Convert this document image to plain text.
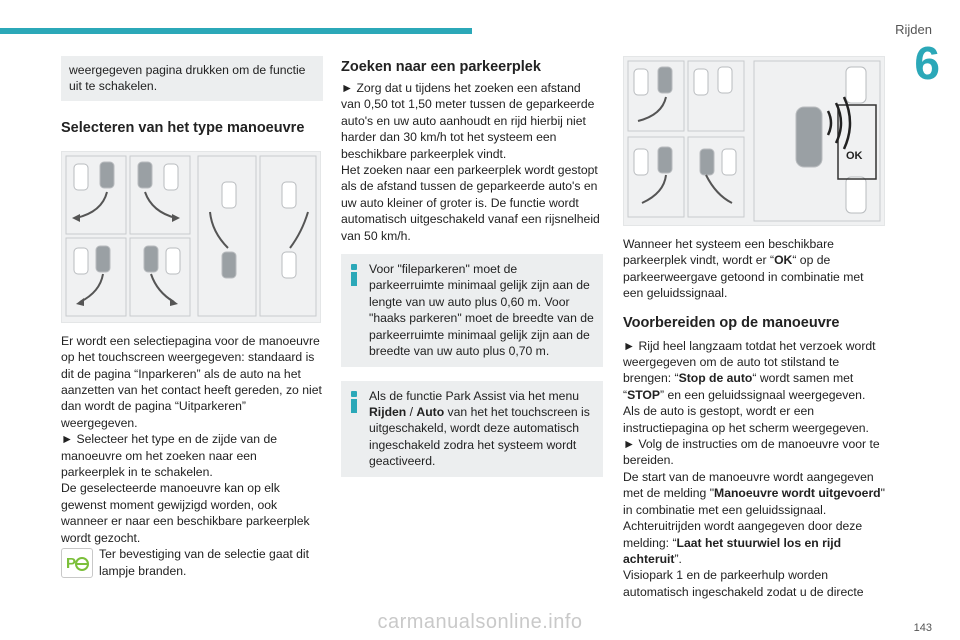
Rijden
6

weergegeven pagina drukken om de functie uit te schakelen.

Selecteren van het type manoeuvre

Er wordt een selectiepagina voor de manoeuvre op het touchscreen weergegeven: standaard is dit de pagina “Inparkeren” als de auto na het aanzetten van het contact heeft gereden, zo niet dan wordt de pagina “Uitparkeren” weergegeven.

► Selecteer het type en de zijde van de manoeuvre om het zoeken naar een parkeerplek in te schakelen.

De geselecteerde manoeuvre kan op elk gewenst moment gewijzigd worden, ook wanneer er naar een beschikbare parkeerplek wordt gezocht.

P

Ter bevestiging van de selectie gaat dit lampje branden.

Zoeken naar een parkeerplek

► Zorg dat u tijdens het zoeken een afstand van 0,50 tot 1,50 meter tussen de geparkeerde auto's en uw auto aanhoudt en rijd hierbij niet harder dan 30 km/h tot het systeem een beschikbare parkeerplek vindt.

Het zoeken naar een parkeerplek wordt gestopt als de afstand tussen de geparkeerde auto's en uw auto kleiner of groter is. De functie wordt automatisch uitgeschakeld vanaf een rijsnelheid van 50 km/h.

Voor "fileparkeren" moet de parkeerruimte minimaal gelijk zijn aan de lengte van uw auto plus 0,60 m. Voor "haaks parkeren" moet de breedte van de parkeerruimte minimaal gelijk zijn aan de breedte van uw auto plus 0,70 m.

Als de functie Park Assist via het menu Rijden / Auto van het het touchscreen is uitgeschakeld, wordt deze automatisch ingeschakeld zodra het systeem wordt geactiveerd.

OK

Wanneer het systeem een beschikbare parkeerplek vindt, wordt er “OK“ op de parkeerweergave getoond in combinatie met een geluidssignaal.

Voorbereiden op de manoeuvre

► Rijd heel langzaam totdat het verzoek wordt weergegeven om de auto tot stilstand te brengen: “Stop de auto“ wordt samen met “STOP” en een geluidssignaal weergegeven.

Als de auto is gestopt, wordt er een instructiepagina op het scherm weergegeven.

► Volg de instructies om de manoeuvre voor te bereiden.

De start van de manoeuvre wordt aangegeven met de melding "Manoeuvre wordt uitgevoerd" in combinatie met een geluidssignaal.

Achteruitrijden wordt aangegeven door deze melding: “Laat het stuurwiel los en rijd achteruit”.

Visiopark 1 en de parkeerhulp worden automatisch ingeschakeld zodat u de directe

143
carmanualsonline.info
